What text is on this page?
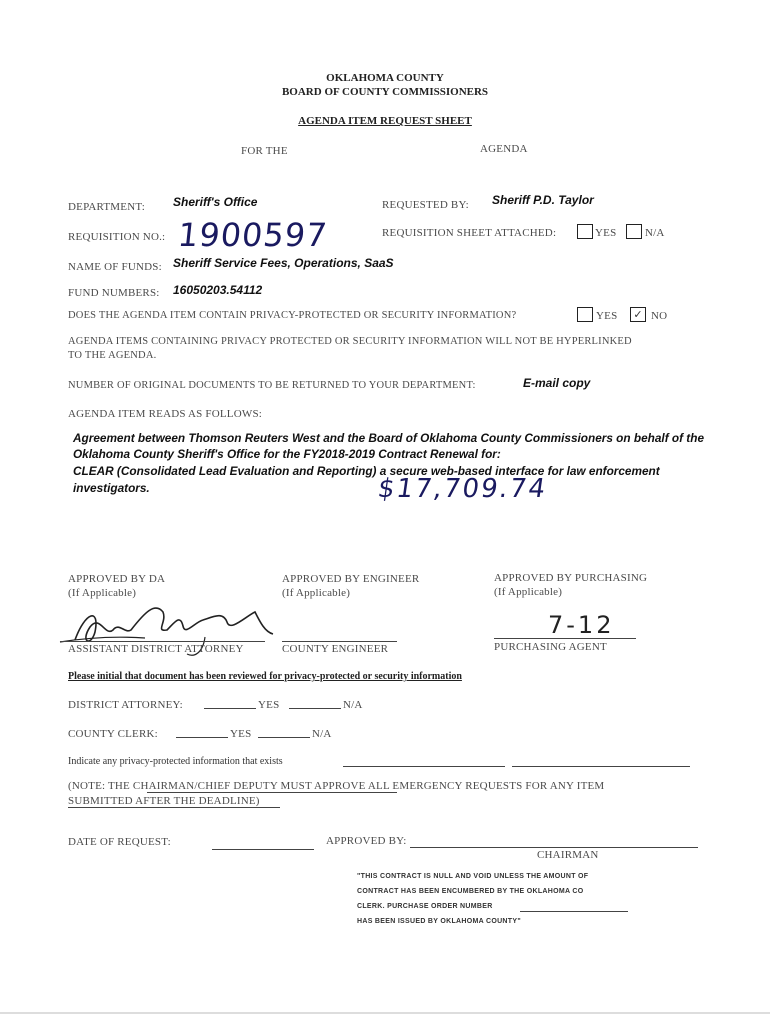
OKLAHOMA COUNTY
BOARD OF COUNTY COMMISSIONERS
AGENDA ITEM REQUEST SHEET
FOR THE	AGENDA
DEPARTMENT: Sheriff's Office	REQUESTED BY: Sheriff P.D. Taylor
REQUISITION NO.: 1900597	REQUISITION SHEET ATTACHED:	YES	N/A
NAME OF FUNDS: Sheriff Service Fees, Operations, SaaS
FUND NUMBERS: 16050203.54112
DOES THE AGENDA ITEM CONTAIN PRIVACY-PROTECTED OR SECURITY INFORMATION?	YES	✓ NO
AGENDA ITEMS CONTAINING PRIVACY PROTECTED OR SECURITY INFORMATION WILL NOT BE HYPERLINKED
TO THE AGENDA.
NUMBER OF ORIGINAL DOCUMENTS TO BE RETURNED TO YOUR DEPARTMENT:	E-mail copy
AGENDA ITEM READS AS FOLLOWS:
Agreement between Thomson Reuters West and the Board of Oklahoma County Commissioners on behalf of the
Oklahoma County Sheriff's Office for the FY2018-2019 Contract Renewal for:
CLEAR (Consolidated Lead Evaluation and Reporting) a secure web-based interface for law enforcement
investigators.	$17,709.74
APPROVED BY DA
(If Applicable)
APPROVED BY ENGINEER
(If Applicable)
APPROVED BY PURCHASING
(If Applicable)
ASSISTANT DISTRICT ATTORNEY	COUNTY ENGINEER
7-12
PURCHASING AGENT
Please initial that document has been reviewed for privacy-protected or security information
DISTRICT ATTORNEY:	YES	N/A
COUNTY CLERK:	YES	N/A
Indicate any privacy-protected information that exists
(NOTE: THE CHAIRMAN/CHIEF DEPUTY MUST APPROVE ALL EMERGENCY REQUESTS FOR ANY ITEM
SUBMITTED AFTER THE DEADLINE)
DATE OF REQUEST:	APPROVED BY:
CHAIRMAN
"THIS CONTRACT IS NULL AND VOID UNLESS THE AMOUNT OF
CONTRACT HAS BEEN ENCUMBERED BY THE OKLAHOMA CO
CLERK. PURCHASE ORDER NUMBER
HAS BEEN ISSUED BY OKLAHOMA COUNTY"
